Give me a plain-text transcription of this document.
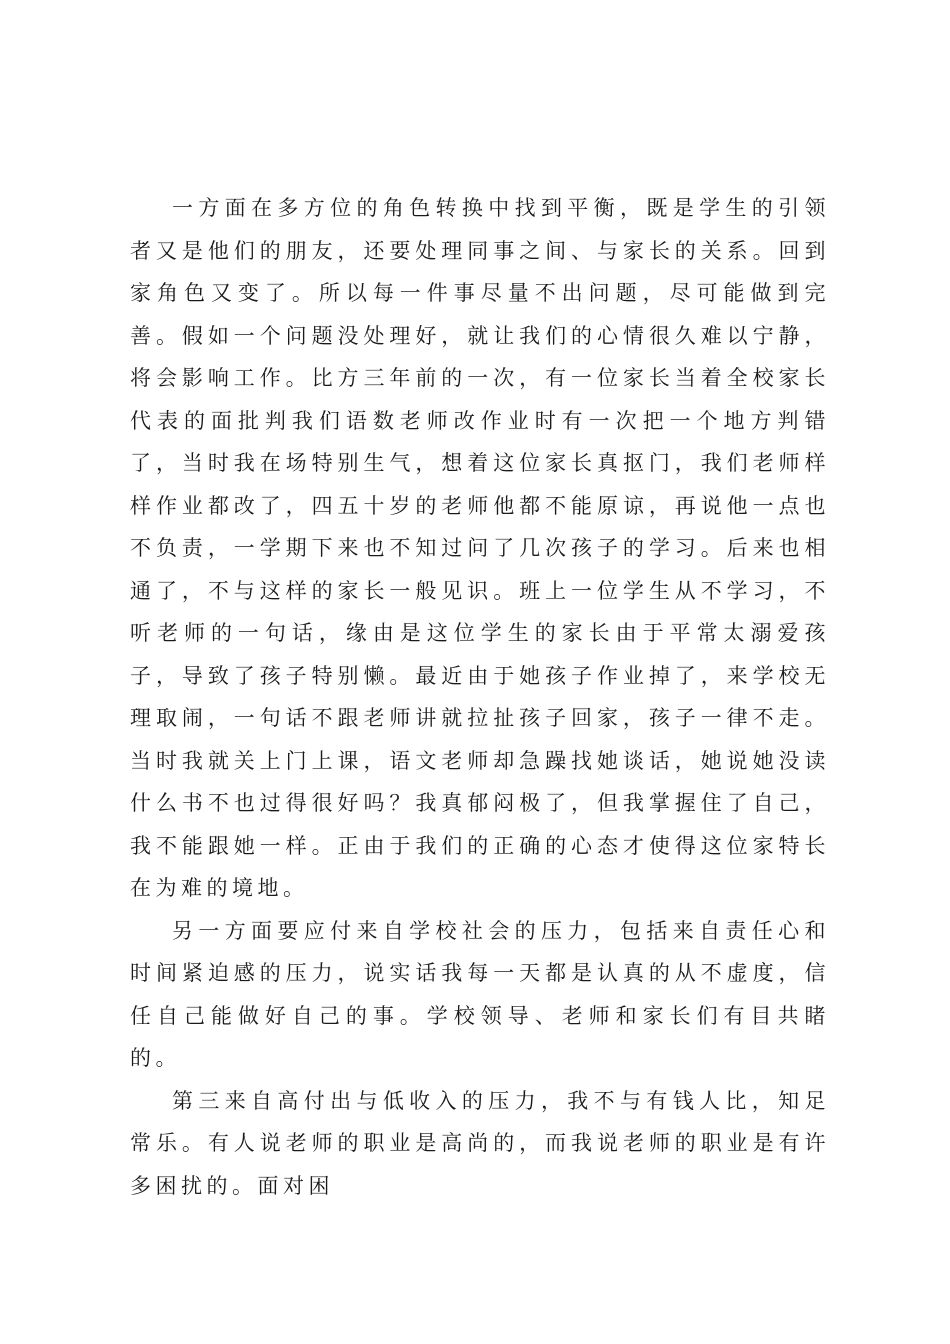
一方面在多方位的角色转换中找到平衡，既是学生的引领者又是他们的朋友，还要处理同事之间、与家长的关系。回到家角色又变了。所以每一件事尽量不出问题，尽可能做到完善。假如一个问题没处理好，就让我们的心情很久难以宁静，将会影响工作。比方三年前的一次，有一位家长当着全校家长代表的面批判我们语数老师改作业时有一次把一个地方判错了，当时我在场特别生气，想着这位家长真抠门，我们老师样样作业都改了，四五十岁的老师他都不能原谅，再说他一点也不负责，一学期下来也不知过问了几次孩子的学习。后来也相通了，不与这样的家长一般见识。班上一位学生从不学习，不听老师的一句话，缘由是这位学生的家长由于平常太溺爱孩子，导致了孩子特别懒。最近由于她孩子作业掉了，来学校无理取闹，一句话不跟老师讲就拉扯孩子回家，孩子一律不走。当时我就关上门上课，语文老师却急躁找她谈话，她说她没读什么书不也过得很好吗？我真郁闷极了，但我掌握住了自己，我不能跟她一样。正由于我们的正确的心态才使得这位家特长在为难的境地。

另一方面要应付来自学校社会的压力，包括来自责任心和时间紧迫感的压力，说实话我每一天都是认真的从不虚度，信任自己能做好自己的事。学校领导、老师和家长们有目共睹的。

第三来自高付出与低收入的压力，我不与有钱人比，知足常乐。有人说老师的职业是高尚的，而我说老师的职业是有许多困扰的。面对困
